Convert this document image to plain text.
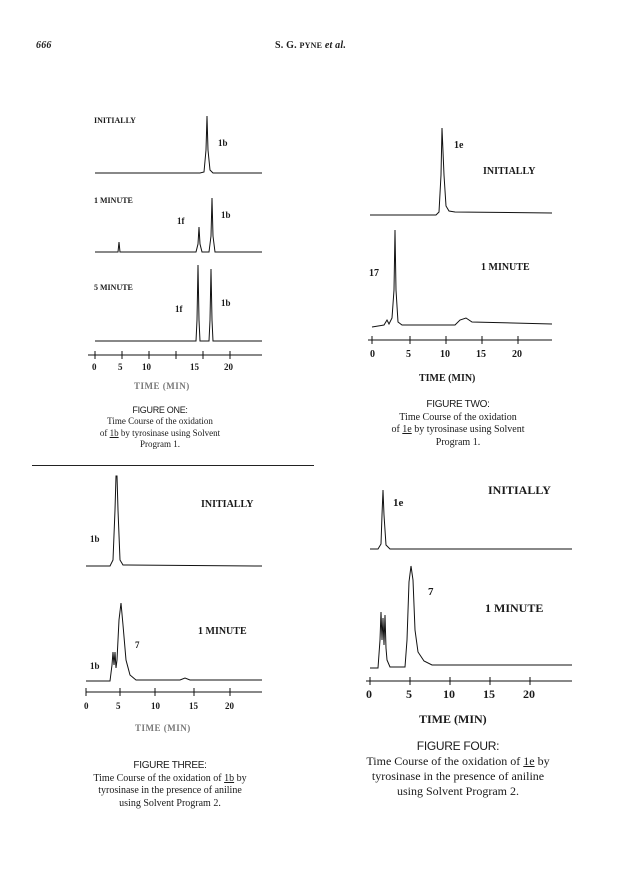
666	S. G. PYNE et al.
INITIALLY
1 MINUTE
5 MINUTE
1b
1f
1b
1f
1b
0 5 10	15	20
TIME (MIN)
FIGURE ONE:
Time Course of the oxidation
of 1b by tyrosinase using Solvent
Program 1.
1e
INITIALLY
1 MINUTE
17
0	5	10	15	20
TIME (MIN)
FIGURE TWO:
Time Course of the oxidation
of 1e by tyrosinase using Solvent
Program 1.
INITIALLY
1b
1 MINUTE
7
1b
0	5	10	15	20
TIME (MIN)
FIGURE THREE:
Time Course of the oxidation of 1b by
tyrosinase in the presence of aniline
using Solvent Program 2.
INITIALLY
1e
7
1 MINUTE
0	5	10 15 20
TIME (MIN)
FIGURE FOUR:
Time Course of the oxidation of 1e by
tyrosinase in the presence of aniline
using Solvent Program 2.
